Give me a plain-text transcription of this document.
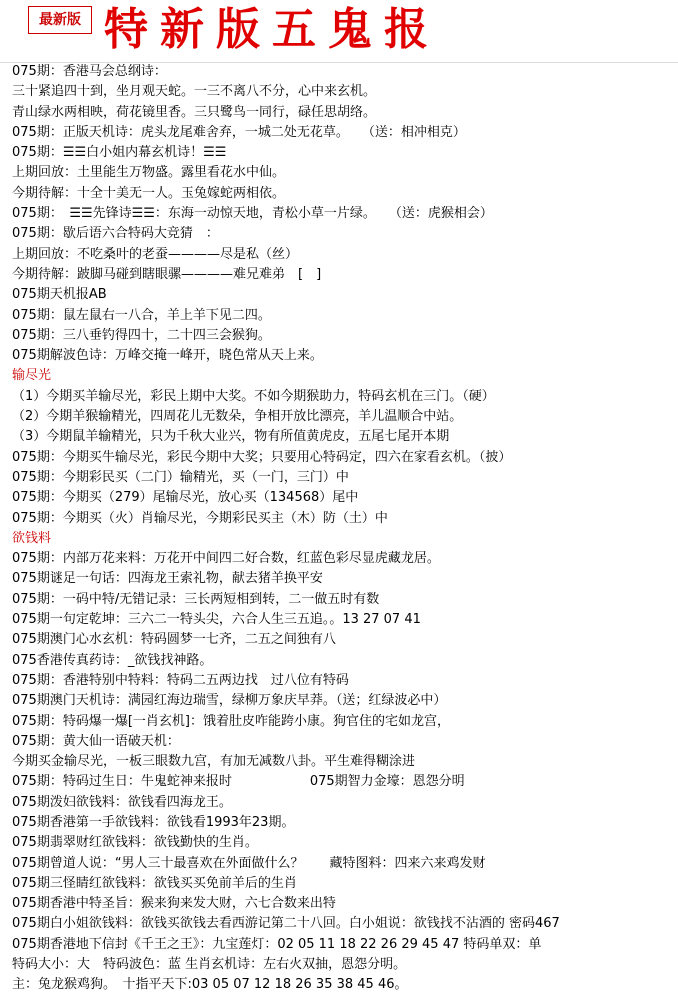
最新版 特新版五鬼报
075期：香港马会总纲诗：
三十紧追四十到，坐月观天蛇。一三不离八不分，心中来玄机。
青山绿水两相映，荷花镜里香。三只鹭鸟一同行，碌任思胡络。
075期：正版天机诗：虎头龙尾难舍弃，一城二处无花草。　　（送：相冲相克）
075期：☰☰白小姐内幕玄机诗！☰☰
上期回放：土里能生万物盛。露里看花水中仙。
今期待解：十全十美无一人。玉兔嫁蛇两相依。
075期：　☰☰先锋诗☰☰：东海一动惊天地，青松小草一片绿。　　（送：虎猴相会）
075期：歇后语六合特码大竞猜　：
上期回放：不吃桑叶的老蚕————尽是私（丝）
今期待解：跛脚马碰到瞎眼骡————难兄难弟　[　]
075期天机报AB
075期：鼠左鼠右一八合，羊上羊下见二四。
075期：三八垂钓得四十，二十四三会猴狗。
075期解波色诗：万峰交掩一峰开，晓色常从天上来。
输尽光
（1）今期买羊输尽光，彩民上期中大奖。不如今期猴助力，特码玄机在三门。（硬）
（2）今期羊猴输精光，四周花儿无数朵，争相开放比漂亮，羊儿温顺合中站。
（3）今期鼠羊输精光，只为千秋大业兴，物有所值黄虎皮，五尾七尾开本期
075期：今期买牛输尽光，彩民今期中大奖；只要用心特码定，四六在家看玄机。（披）
075期：今期彩民买（二门）输精光，买（一门，三门）中
075期：今期买（279）尾输尽光，放心买（134568）尾中
075期：今期买（火）肖输尽光，今期彩民买主（木）防（土）中
欲钱料
075期：内部万花来料：万花开中间四二好合数，红蓝色彩尽显虎藏龙居。
075期谜足一句话：四海龙王索礼物，献去猪羊换平安
075期：一码中特/无错记录：三长两短相到转，二一做五时有数
075期一句定乾坤：三六二一特头尖，六合人生三五追。。13 27 07 41
075期澳门心水玄机：特码圆梦一七齐，二五之间独有八
075香港传真药诗：_欲钱找神路。
075期：香港特别中特料：特码二五两边找　过八位有特码
075期澳门天机诗：满园红海边瑞雪，绿柳万象庆早莽。（送；红绿波必中）
075期：特码爆一爆[一肖玄机]：饿着肚皮咋能跨小康。狗官住的宅如龙宫，
075期：黄大仙一语破天机：
今期买金输尽光，一板三眼数九宫，有加无减数八卦。平生难得糊涂进
075期：特码过生日：牛鬼蛇神来报时　　　　　　075期智力金壕：恩怨分明
075期泼妇欲钱料：欲钱看四海龙王。
075期香港第一手欲钱料：欲钱看1993年23期。
075期翡翠财红欲钱料：欲钱勤快的生肖。
075期曾道人说：“男人三十最喜欢在外面做什么？　　藏特图料：四来六来鸡发财
075期三怪睛红欲钱料：欲钱买买免前羊后的生肖
075期香港中特圣旨：猴来狗来发大财，六七合数来出特
075期白小姐欲钱料：欲钱买欲钱去看西游记第二十八回。白小姐说：欲钱找不沾酒的 密码467
075期香港地下信封《千王之王》：九宝莲灯：02 05 11 18 22 26 29 45 47 特码单双：单
特码大小：大　特码波色：蓝 生肖玄机诗：左右火双抽，恩怨分明。
主：兔龙猴鸡狗。　十指平天下:03 05 07 12 18 26 35 38 45 46。
